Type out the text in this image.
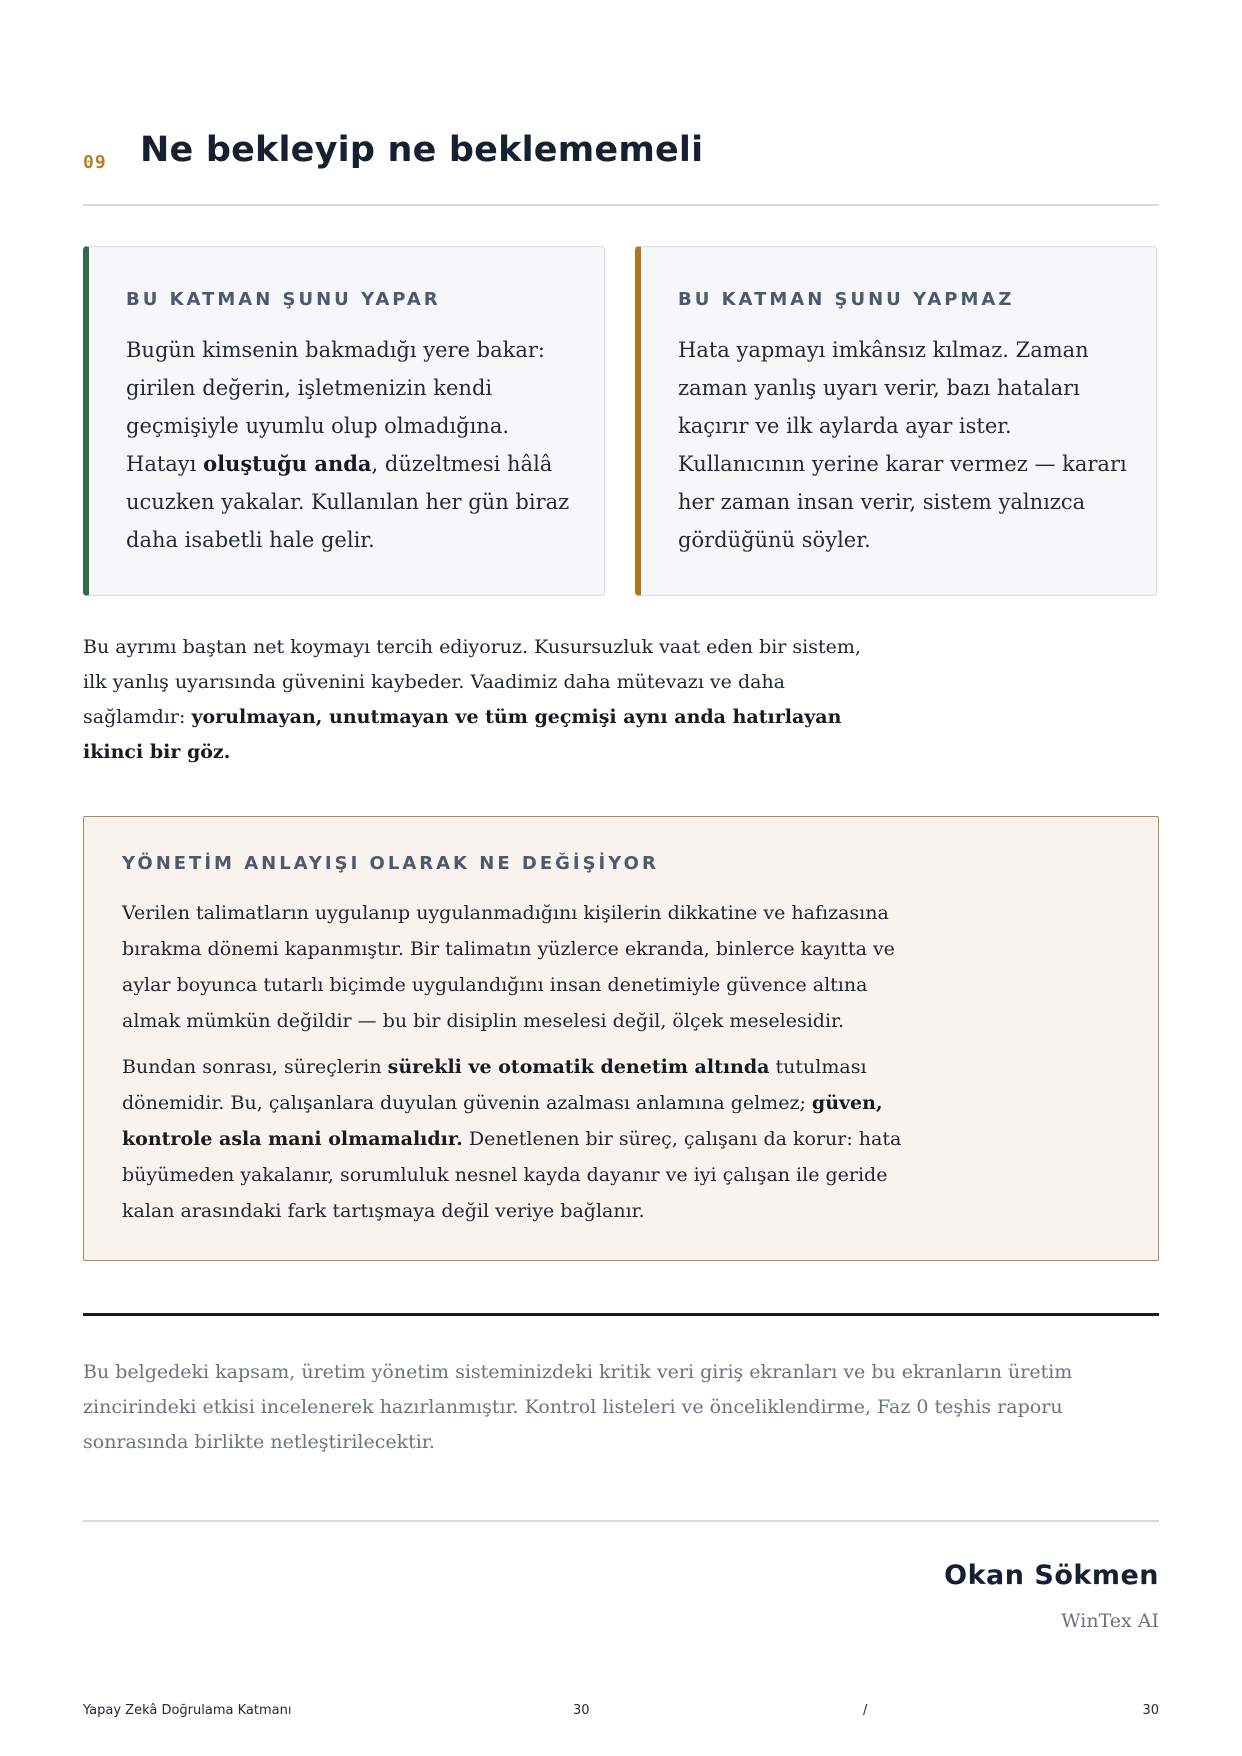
09 Ne bekleyip ne beklememeli
BU KATMAN ŞUNU YAPAR
Bugün kimsenin bakmadığı yere bakar: girilen değerin, işletmenizin kendi geçmişiyle uyumlu olup olmadığına. Hatayı oluştuğu anda, düzeltmesi hâlâ ucuzken yakalar. Kullanılan her gün biraz daha isabetli hale gelir.
BU KATMAN ŞUNU YAPMAZ
Hata yapmayı imkânsız kılmaz. Zaman zaman yanlış uyarı verir, bazı hataları kaçırır ve ilk aylarda ayar ister. Kullanıcının yerine karar vermez — kararı her zaman insan verir, sistem yalnızca gördüğünü söyler.
Bu ayrımı baştan net koymayı tercih ediyoruz. Kusursuzluk vaat eden bir sistem, ilk yanlış uyarısında güvenini kaybeder. Vaadimiz daha mütevazı ve daha sağlamdır: yorulmayan, unutmayan ve tüm geçmişi aynı anda hatırlayan ikinci bir göz.
YÖNETİM ANLAYIŞI OLARAK NE DEĞİŞİYOR
Verilen talimatların uygulanıp uygulanmadığını kişilerin dikkatine ve hafızasına bırakma dönemi kapanmıştır. Bir talimatın yüzlerce ekranda, binlerce kayıtta ve aylar boyunca tutarlı biçimde uygulandığını insan denetimiyle güvence altına almak mümkün değildir — bu bir disiplin meselesi değil, ölçek meselesidir.
Bundan sonrası, süreçlerin sürekli ve otomatik denetim altında tutulması dönemidir. Bu, çalışanlara duyulan güvenin azalması anlamına gelmez; güven, kontrole asla mani olmamalıdır. Denetlenen bir süreç, çalışanı da korur: hata büyümeden yakalanır, sorumluluk nesnel kayda dayanır ve iyi çalışan ile geride kalan arasındaki fark tartışmaya değil veriye bağlanır.
Bu belgedeki kapsam, üretim yönetim sisteminizdeki kritik veri giriş ekranları ve bu ekranların üretim zincirindeki etkisi incelenerek hazırlanmıştır. Kontrol listeleri ve önceliklendirme, Faz 0 teşhis raporu sonrasında birlikte netleştirilecektir.
Okan Sökmen
WinTex AI
Yapay Zekâ Doğrulama Katmanı	30	/	30
